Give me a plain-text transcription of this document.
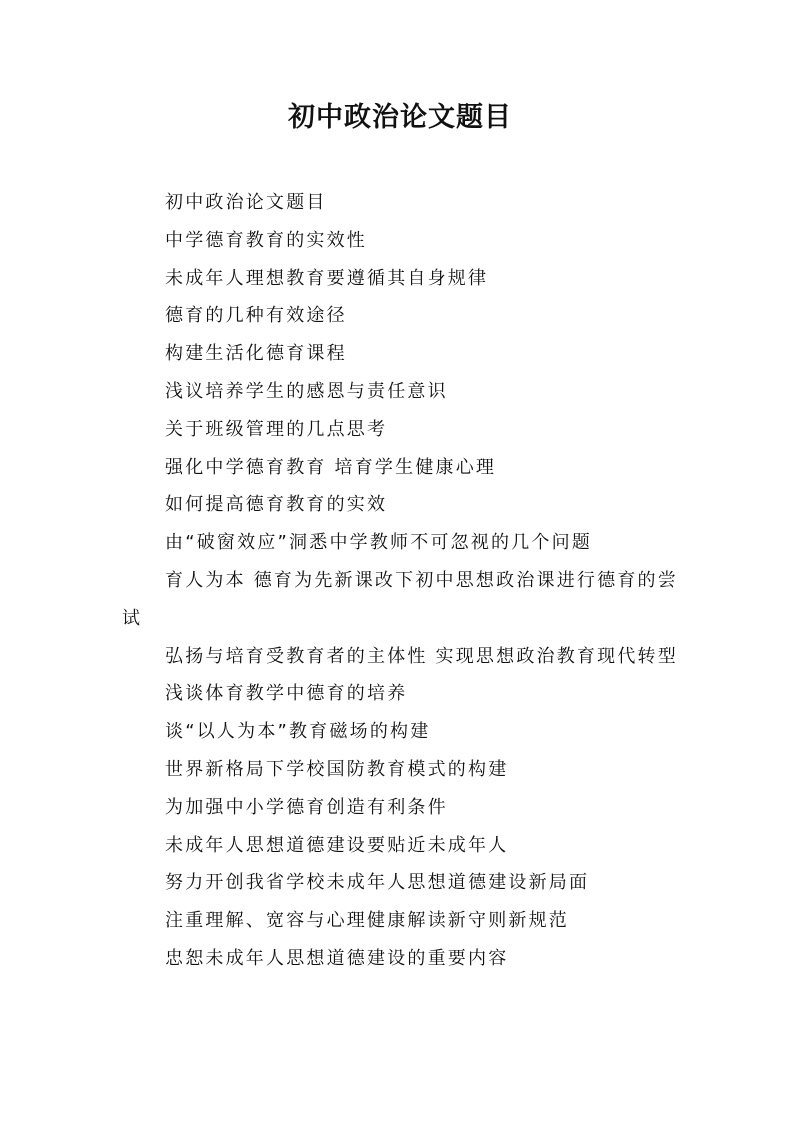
初中政治论文题目

初中政治论文题目

中学德育教育的实效性

未成年人理想教育要遵循其自身规律

德育的几种有效途径

构建生活化德育课程

浅议培养学生的感恩与责任意识

关于班级管理的几点思考

强化中学德育教育 培育学生健康心理

如何提高德育教育的实效

由“破窗效应”洞悉中学教师不可忽视的几个问题

育人为本 德育为先新课改下初中思想政治课进行德育的尝试

弘扬与培育受教育者的主体性 实现思想政治教育现代转型

浅谈体育教学中德育的培养

谈“以人为本”教育磁场的构建

世界新格局下学校国防教育模式的构建

为加强中小学德育创造有利条件

未成年人思想道德建设要贴近未成年人

努力开创我省学校未成年人思想道德建设新局面

注重理解、宽容与心理健康解读新守则新规范

忠恕未成年人思想道德建设的重要内容
